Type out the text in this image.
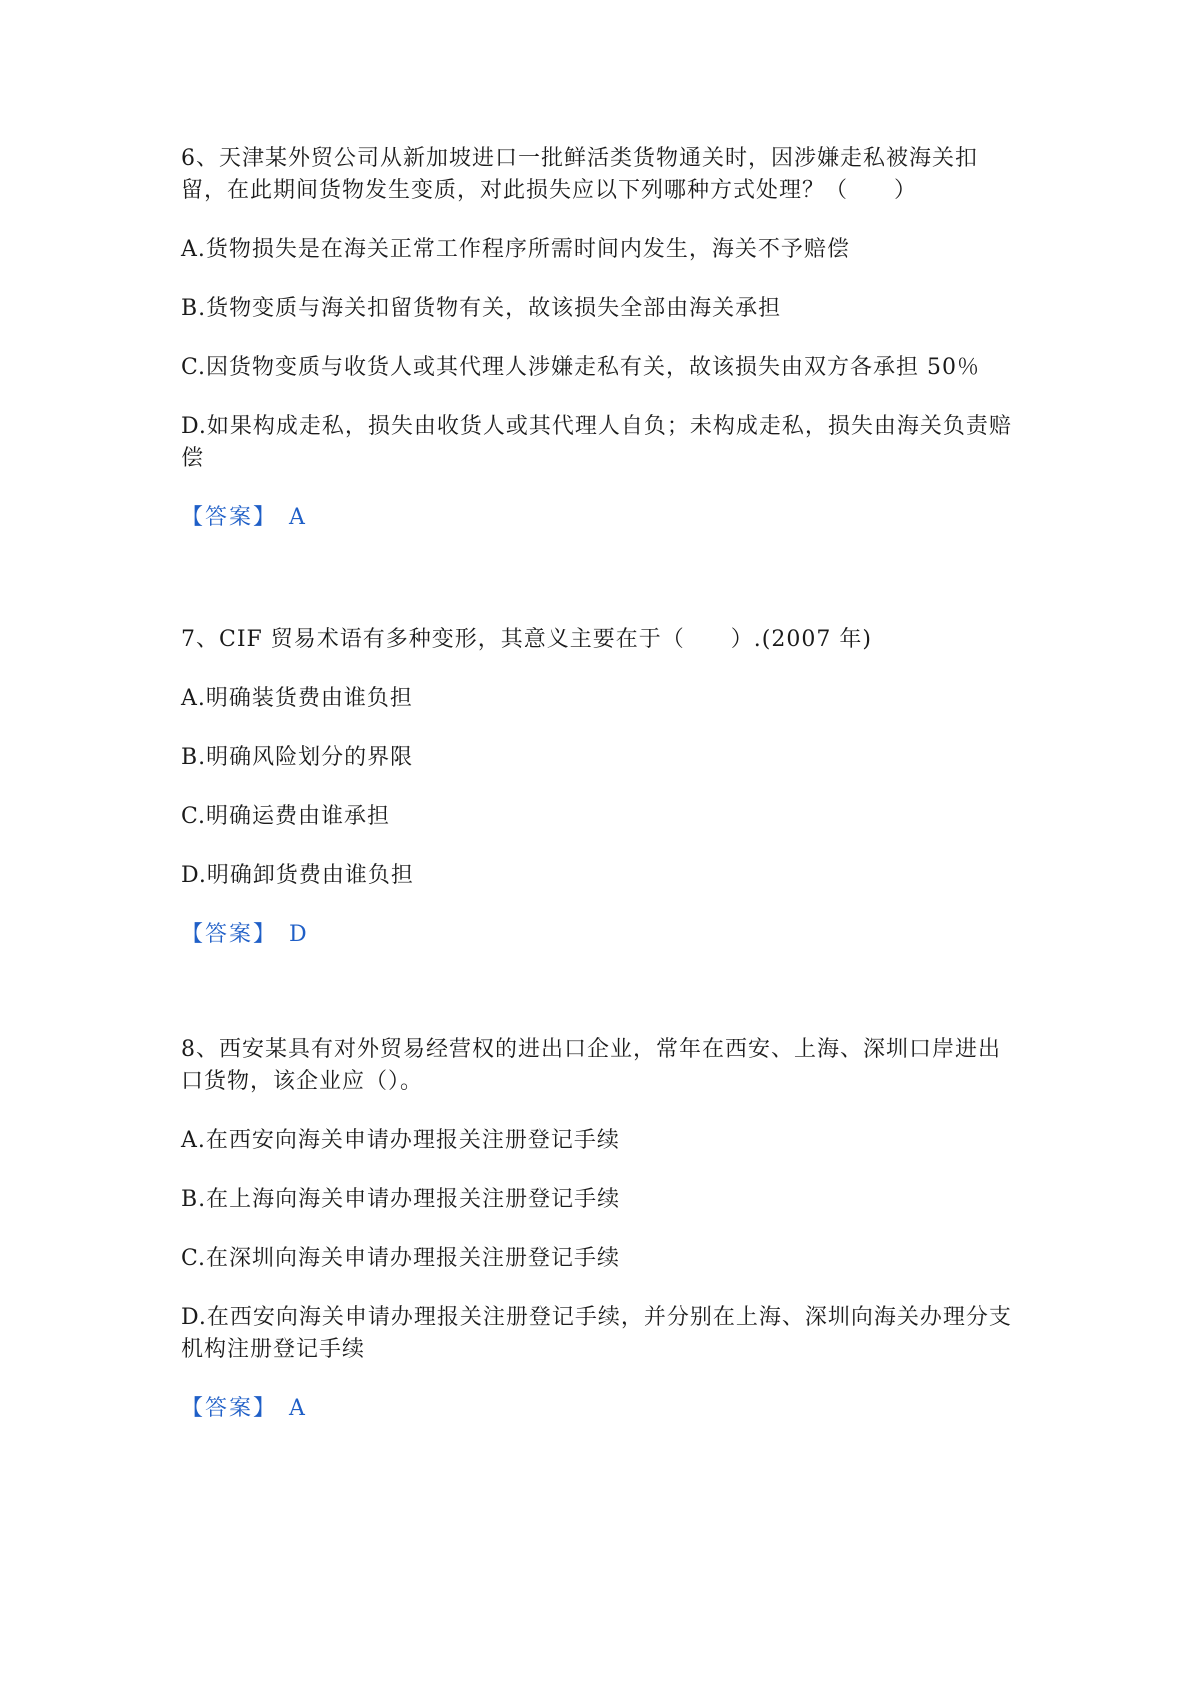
6、天津某外贸公司从新加坡进口一批鲜活类货物通关时，因涉嫌走私被海关扣留，在此期间货物发生变质，对此损失应以下列哪种方式处理？（　　）

A.货物损失是在海关正常工作程序所需时间内发生，海关不予赔偿

B.货物变质与海关扣留货物有关，故该损失全部由海关承担

C.因货物变质与收货人或其代理人涉嫌走私有关，故该损失由双方各承担 50％

D.如果构成走私，损失由收货人或其代理人自负；未构成走私，损失由海关负责赔偿

【答案】 A

7、CIF 贸易术语有多种变形，其意义主要在于（　　）.(2007 年)

A.明确装货费由谁负担

B.明确风险划分的界限

C.明确运费由谁承担

D.明确卸货费由谁负担

【答案】 D

8、西安某具有对外贸易经营权的进出口企业，常年在西安、上海、深圳口岸进出口货物，该企业应（）。

A.在西安向海关申请办理报关注册登记手续

B.在上海向海关申请办理报关注册登记手续

C.在深圳向海关申请办理报关注册登记手续

D.在西安向海关申请办理报关注册登记手续，并分别在上海、深圳向海关办理分支机构注册登记手续

【答案】 A
